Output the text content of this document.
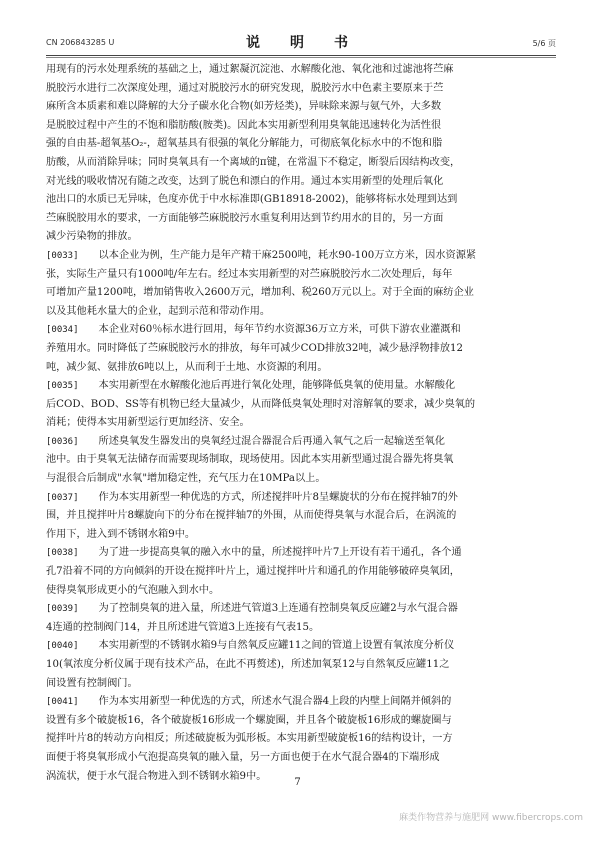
CN 206843285 U	说　明　书	5/6 页
用现有的污水处理系统的基础之上，通过絮凝沉淀池、水解酸化池、氧化池和过滤池将苎麻
脱胶污水进行二次深度处理，通过对脱胶污水的研究发现，脱胶污水中色素主要原来于苎
麻所含本质素和难以降解的大分子碳水化合物(如芳烃类)，异味除来源与氨气外，大多数
是脱胶过程中产生的不饱和脂肪酸(胺类)。因此本实用新型利用臭氧能迅速转化为活性很
强的自由基-超氧基O₂-，超氧基具有很强的氧化分解能力，可彻底氧化标水中的不饱和脂
肪酸，从而消除异味；同时臭氧具有一个离域的π键，在常温下不稳定，断裂后因结构改变，
对光线的吸收情况有随之改变，达到了脱色和漂白的作用。通过本实用新型的处理后氧化
池出口的水质已无异味，色度亦优于中水标准即(GB18918-2002)，能够将标水处理到达到
苎麻脱胶用水的要求，一方面能够苎麻脱胶污水重复利用达到节约用水的目的，另一方面
减少污染物的排放。
[0033] 以本企业为例，生产能力是年产精干麻2500吨，耗水90-100万立方米，因水资源紧
张，实际生产量只有1000吨/年左右。经过本实用新型的对苎麻脱胶污水二次处理后，每年
可增加产量1200吨，增加销售收入2600万元，增加利、税260万元以上。对于全面的麻纺企业
以及其他耗水量大的企业，起到示范和带动作用。
[0034] 本企业对60％标水进行回用，每年节约水资源36万立方米，可供下游农业灌溉和
养殖用水。同时降低了苎麻脱胶污水的排放，每年可减少COD排放32吨，减少悬浮物排放12
吨，减少氮、氨排放6吨以上，从而利于土地、水资源的利用。
[0035] 本实用新型在水解酸化池后再进行氧化处理，能够降低臭氧的使用量。水解酸化
后COD、BOD、SS等有机物已经大量减少，从而降低臭氧处理时对溶解氧的要求，减少臭氧的
消耗；使得本实用新型运行更加经济、安全。
[0036] 所述臭氧发生器发出的臭氧经过混合器混合后再通入氧气之后一起输送至氧化
池中。由于臭氧无法储存而需要现场制取，现场使用。因此本实用新型通过混合器先将臭氧
与混很合后制成"水氧"增加稳定性，充气压力在10MPa以上。
[0037] 作为本实用新型一种优选的方式，所述搅拌叶片8呈螺旋状的分布在搅拌轴7的外
围，并且搅拌叶片8螺旋向下的分布在搅拌轴7的外围，从而使得臭氧与水混合后，在涡流的
作用下，进入到不锈钢水箱9中。
[0038] 为了进一步提高臭氧的融入水中的量，所述搅拌叶片7上开设有若干通孔，各个通
孔7沿着不同的方向倾斜的开设在搅拌叶片上，通过搅拌叶片和通孔的作用能够破碎臭氧团，
使得臭氧形成更小的气泡融入到水中。
[0039] 为了控制臭氧的进入量，所述进气管道3上连通有控制臭氧反应罐2与水气混合器
4连通的控制阀门14，并且所述进气管道3上连接有气表15。
[0040] 本实用新型的不锈钢水箱9与自然氧反应罐11之间的管道上设置有氧浓度分析仪
10(氧浓度分析仪属于现有技术产品，在此不再赘述)，所述加氧泵12与自然氧反应罐11之
间设置有控制阀门。
[0041] 作为本实用新型一种优选的方式，所述水气混合器4上段的内壁上间隔并倾斜的
设置有多个破旋板16，各个破旋板16形成一个螺旋圈，并且各个破旋板16形成的螺旋圈与
搅拌叶片8的转动方向相反；所述破旋板为弧形板。本实用新型破旋板16的结构设计，一方
面便于将臭氧形成小气泡提高臭氧的融入量，另一方面也便于在水气混合器4的下端形成
涡流状，便于水气混合物进入到不锈钢水箱9中。
7
麻类作物营养与施肥网 www.fibercrops.com
